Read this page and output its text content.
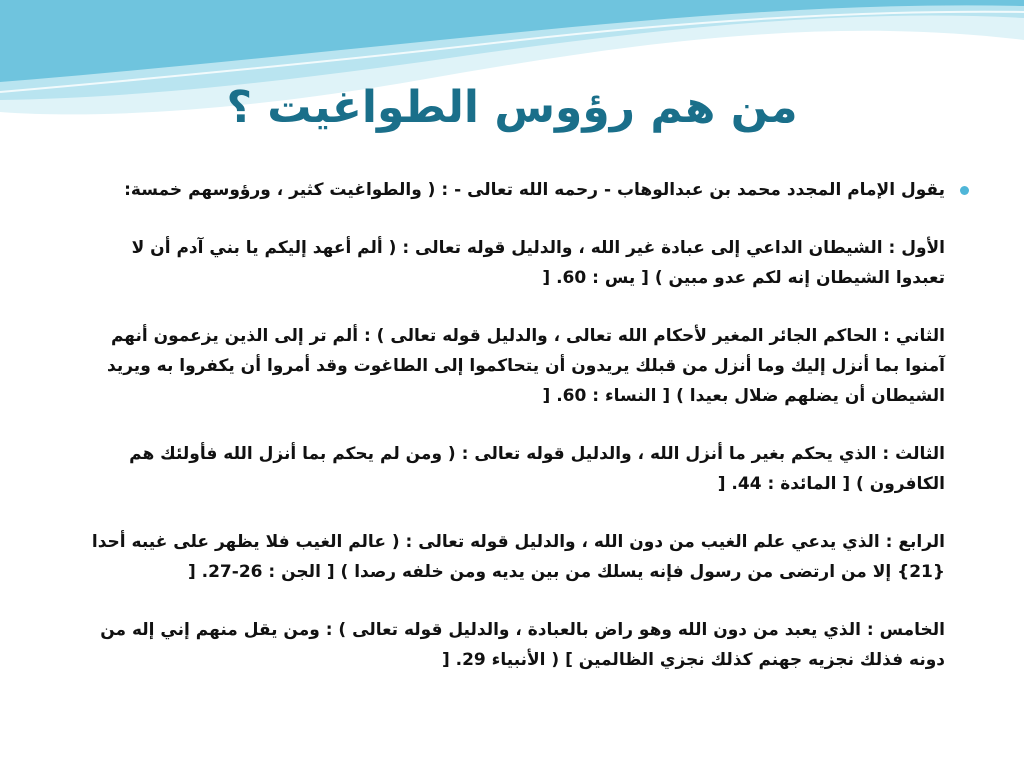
من هم رؤوس الطواغيت ؟

يقول الإمام المجدد محمد بن عبدالوهاب - رحمه الله تعالى - : ( والطواغيت كثير ، ورؤوسهم خمسة:

الأول : الشيطان الداعي إلى عبادة غير الله ، والدليل قوله تعالى : ( ألم أعهد إليكم يا بني آدم أن لا تعبدوا الشيطان إنه لكم عدو مبين ) [ يس : 60. [

الثاني : الحاكم الجائر المغير لأحكام الله تعالى ، والدليل قوله تعالى ) : ألم تر إلى الذين يزعمون أنهم آمنوا بما أنزل إليك وما أنزل من قبلك يريدون أن يتحاكموا إلى الطاغوت وقد أمروا أن يكفروا به ويريد الشيطان أن يضلهم ضلال بعيدا ) [ النساء : 60. [

الثالث : الذي يحكم بغير ما أنزل الله ، والدليل قوله تعالى : ( ومن لم يحكم بما أنزل الله فأولئك هم الكافرون ) [ المائدة : 44. [

الرابع : الذي يدعي علم الغيب من دون الله ، والدليل قوله تعالى : ( عالم الغيب فلا يظهر على غيبه أحدا {21} إلا من ارتضى من رسول فإنه يسلك من بين يديه ومن خلفه رصدا ) [ الجن : 26-27. [

الخامس : الذي يعبد من دون الله وهو راض بالعبادة ، والدليل قوله تعالى ) : ومن يقل منهم إني إله من دونه فذلك نجزيه جهنم كذلك نجزي الظالمين ] ( الأنبياء 29. [
